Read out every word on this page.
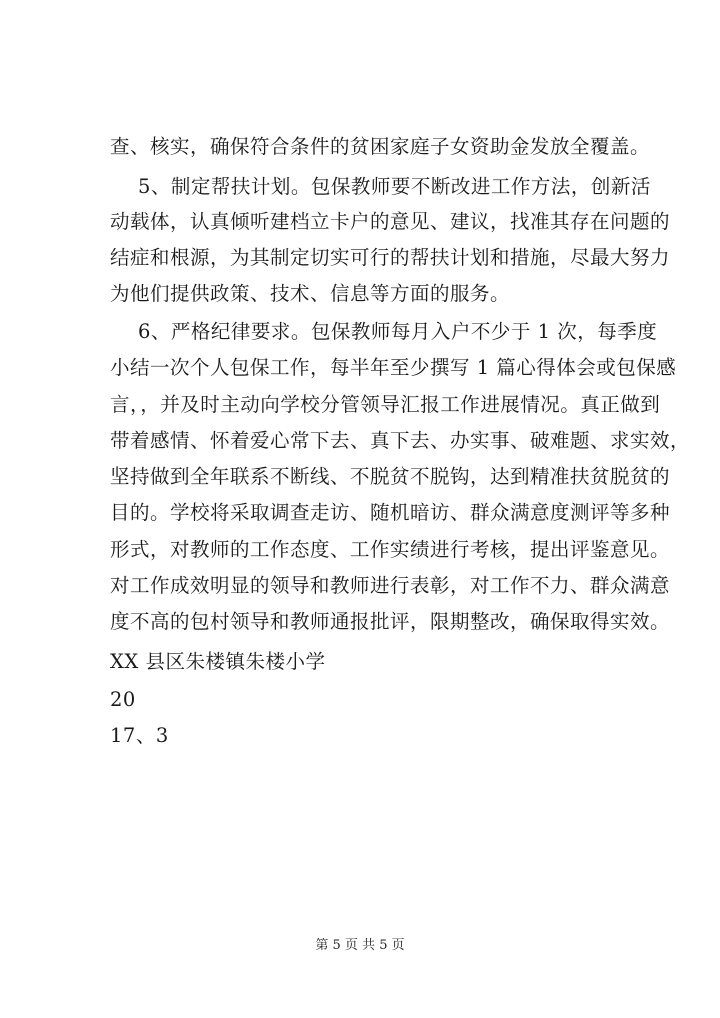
查、核实，确保符合条件的贫困家庭子女资助金发放全覆盖。
5、制定帮扶计划。包保教师要不断改进工作方法，创新活
动载体，认真倾听建档立卡户的意见、建议，找准其存在问题的
结症和根源，为其制定切实可行的帮扶计划和措施，尽最大努力
为他们提供政策、技术、信息等方面的服务。
6、严格纪律要求。包保教师每月入户不少于 1 次，每季度
小结一次个人包保工作，每半年至少撰写 1 篇心得体会或包保感
言，，并及时主动向学校分管领导汇报工作进展情况。真正做到
带着感情、怀着爱心常下去、真下去、办实事、破难题、求实效，
坚持做到全年联系不断线、不脱贫不脱钩，达到精准扶贫脱贫的
目的。学校将采取调查走访、随机暗访、群众满意度测评等多种
形式，对教师的工作态度、工作实绩进行考核，提出评鉴意见。
对工作成效明显的领导和教师进行表彰，对工作不力、群众满意
度不高的包村领导和教师通报批评，限期整改，确保取得实效。
XX 县区朱楼镇朱楼小学
20
17、3
第 5 页 共 5 页
